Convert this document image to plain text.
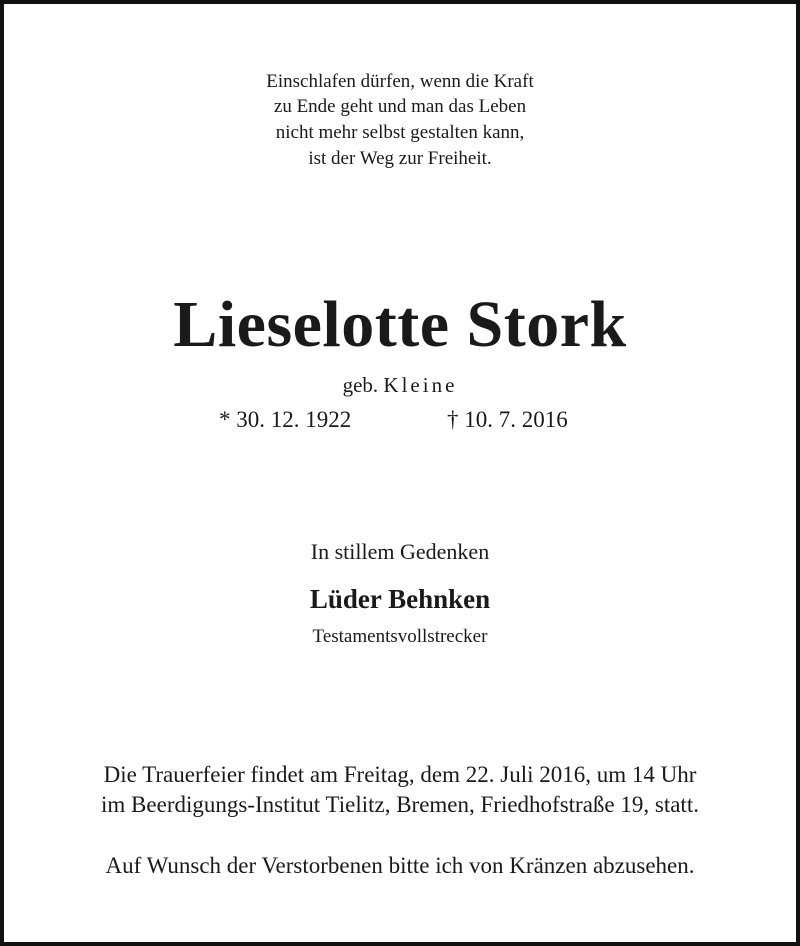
Einschlafen dürfen, wenn die Kraft
zu Ende geht und man das Leben
nicht mehr selbst gestalten kann,
ist der Weg zur Freiheit.
Lieselotte Stork
geb. Kleine
* 30. 12. 1922	† 10. 7. 2016
In stillem Gedenken
Lüder Behnken
Testamentsvollstrecker
Die Trauerfeier findet am Freitag, dem 22. Juli 2016, um 14 Uhr
im Beerdigungs-Institut Tielitz, Bremen, Friedhofstraße 19, statt.
Auf Wunsch der Verstorbenen bitte ich von Kränzen abzusehen.
